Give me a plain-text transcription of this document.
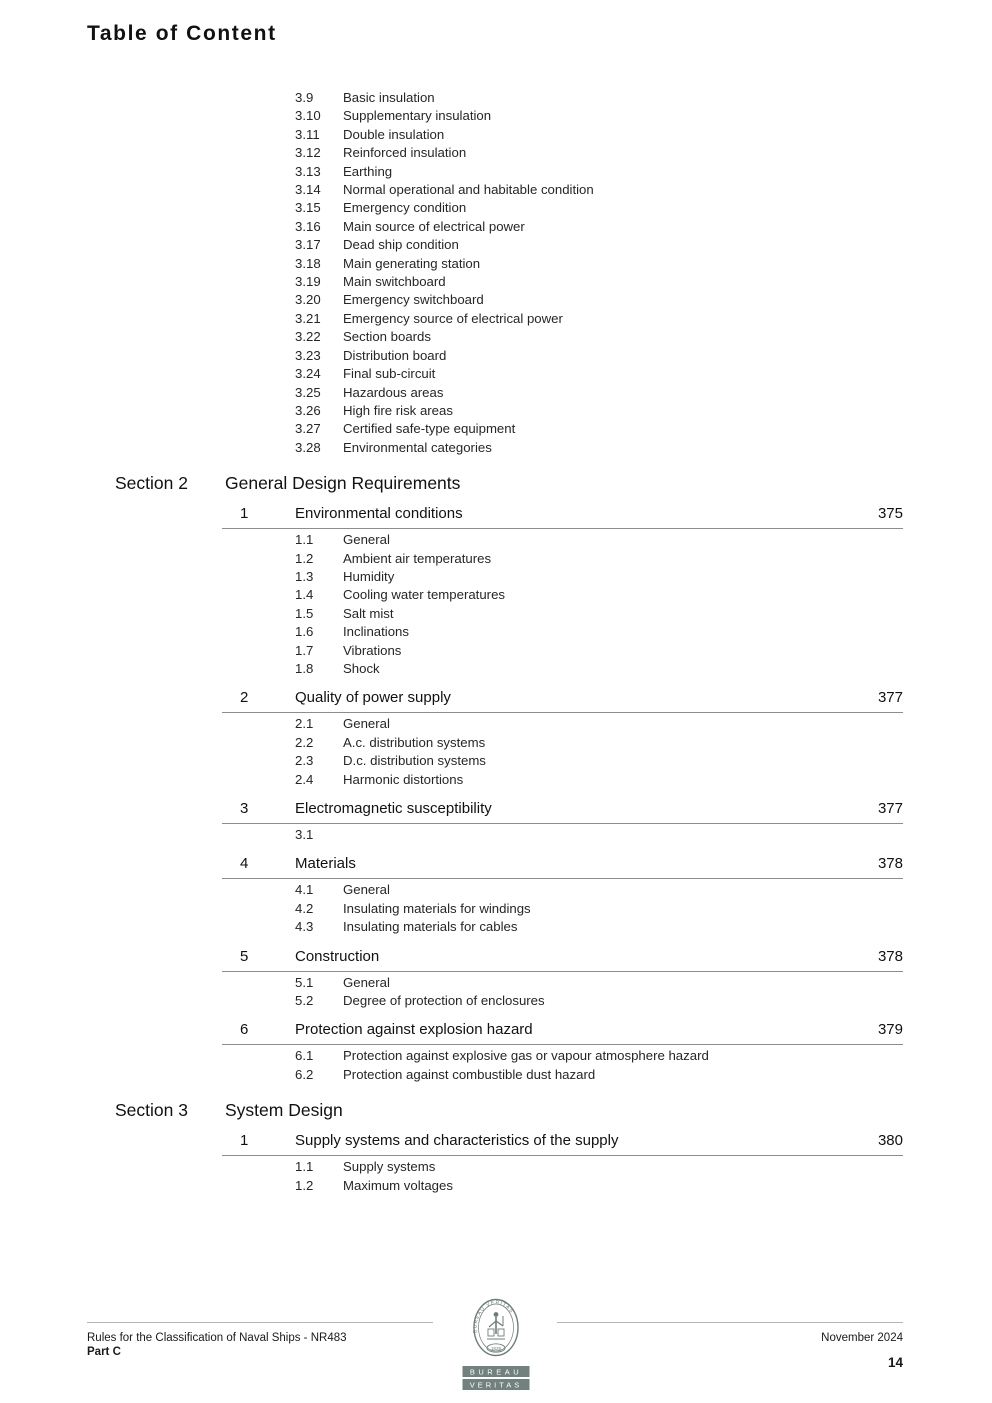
Table of Content
3.9	Basic insulation
3.10	Supplementary insulation
3.11	Double insulation
3.12	Reinforced insulation
3.13	Earthing
3.14	Normal operational and habitable condition
3.15	Emergency condition
3.16	Main source of electrical power
3.17	Dead ship condition
3.18	Main generating station
3.19	Main switchboard
3.20	Emergency switchboard
3.21	Emergency source of electrical power
3.22	Section boards
3.23	Distribution board
3.24	Final sub-circuit
3.25	Hazardous areas
3.26	High fire risk areas
3.27	Certified safe-type equipment
3.28	Environmental categories
Section 2	General Design Requirements
1	Environmental conditions	375
1.1	General
1.2	Ambient air temperatures
1.3	Humidity
1.4	Cooling water temperatures
1.5	Salt mist
1.6	Inclinations
1.7	Vibrations
1.8	Shock
2	Quality of power supply	377
2.1	General
2.2	A.c. distribution systems
2.3	D.c. distribution systems
2.4	Harmonic distortions
3	Electromagnetic susceptibility	377
3.1
4	Materials	378
4.1	General
4.2	Insulating materials for windings
4.3	Insulating materials for cables
5	Construction	378
5.1	General
5.2	Degree of protection of enclosures
6	Protection against explosion hazard	379
6.1	Protection against explosive gas or vapour atmosphere hazard
6.2	Protection against combustible dust hazard
Section 3	System Design
1	Supply systems and characteristics of the supply	380
1.1	Supply systems
1.2	Maximum voltages
Rules for the Classification of Naval Ships - NR483
Part C
November 2024
14
BUREAU VERITAS
1828
BUREAU
VERITAS
